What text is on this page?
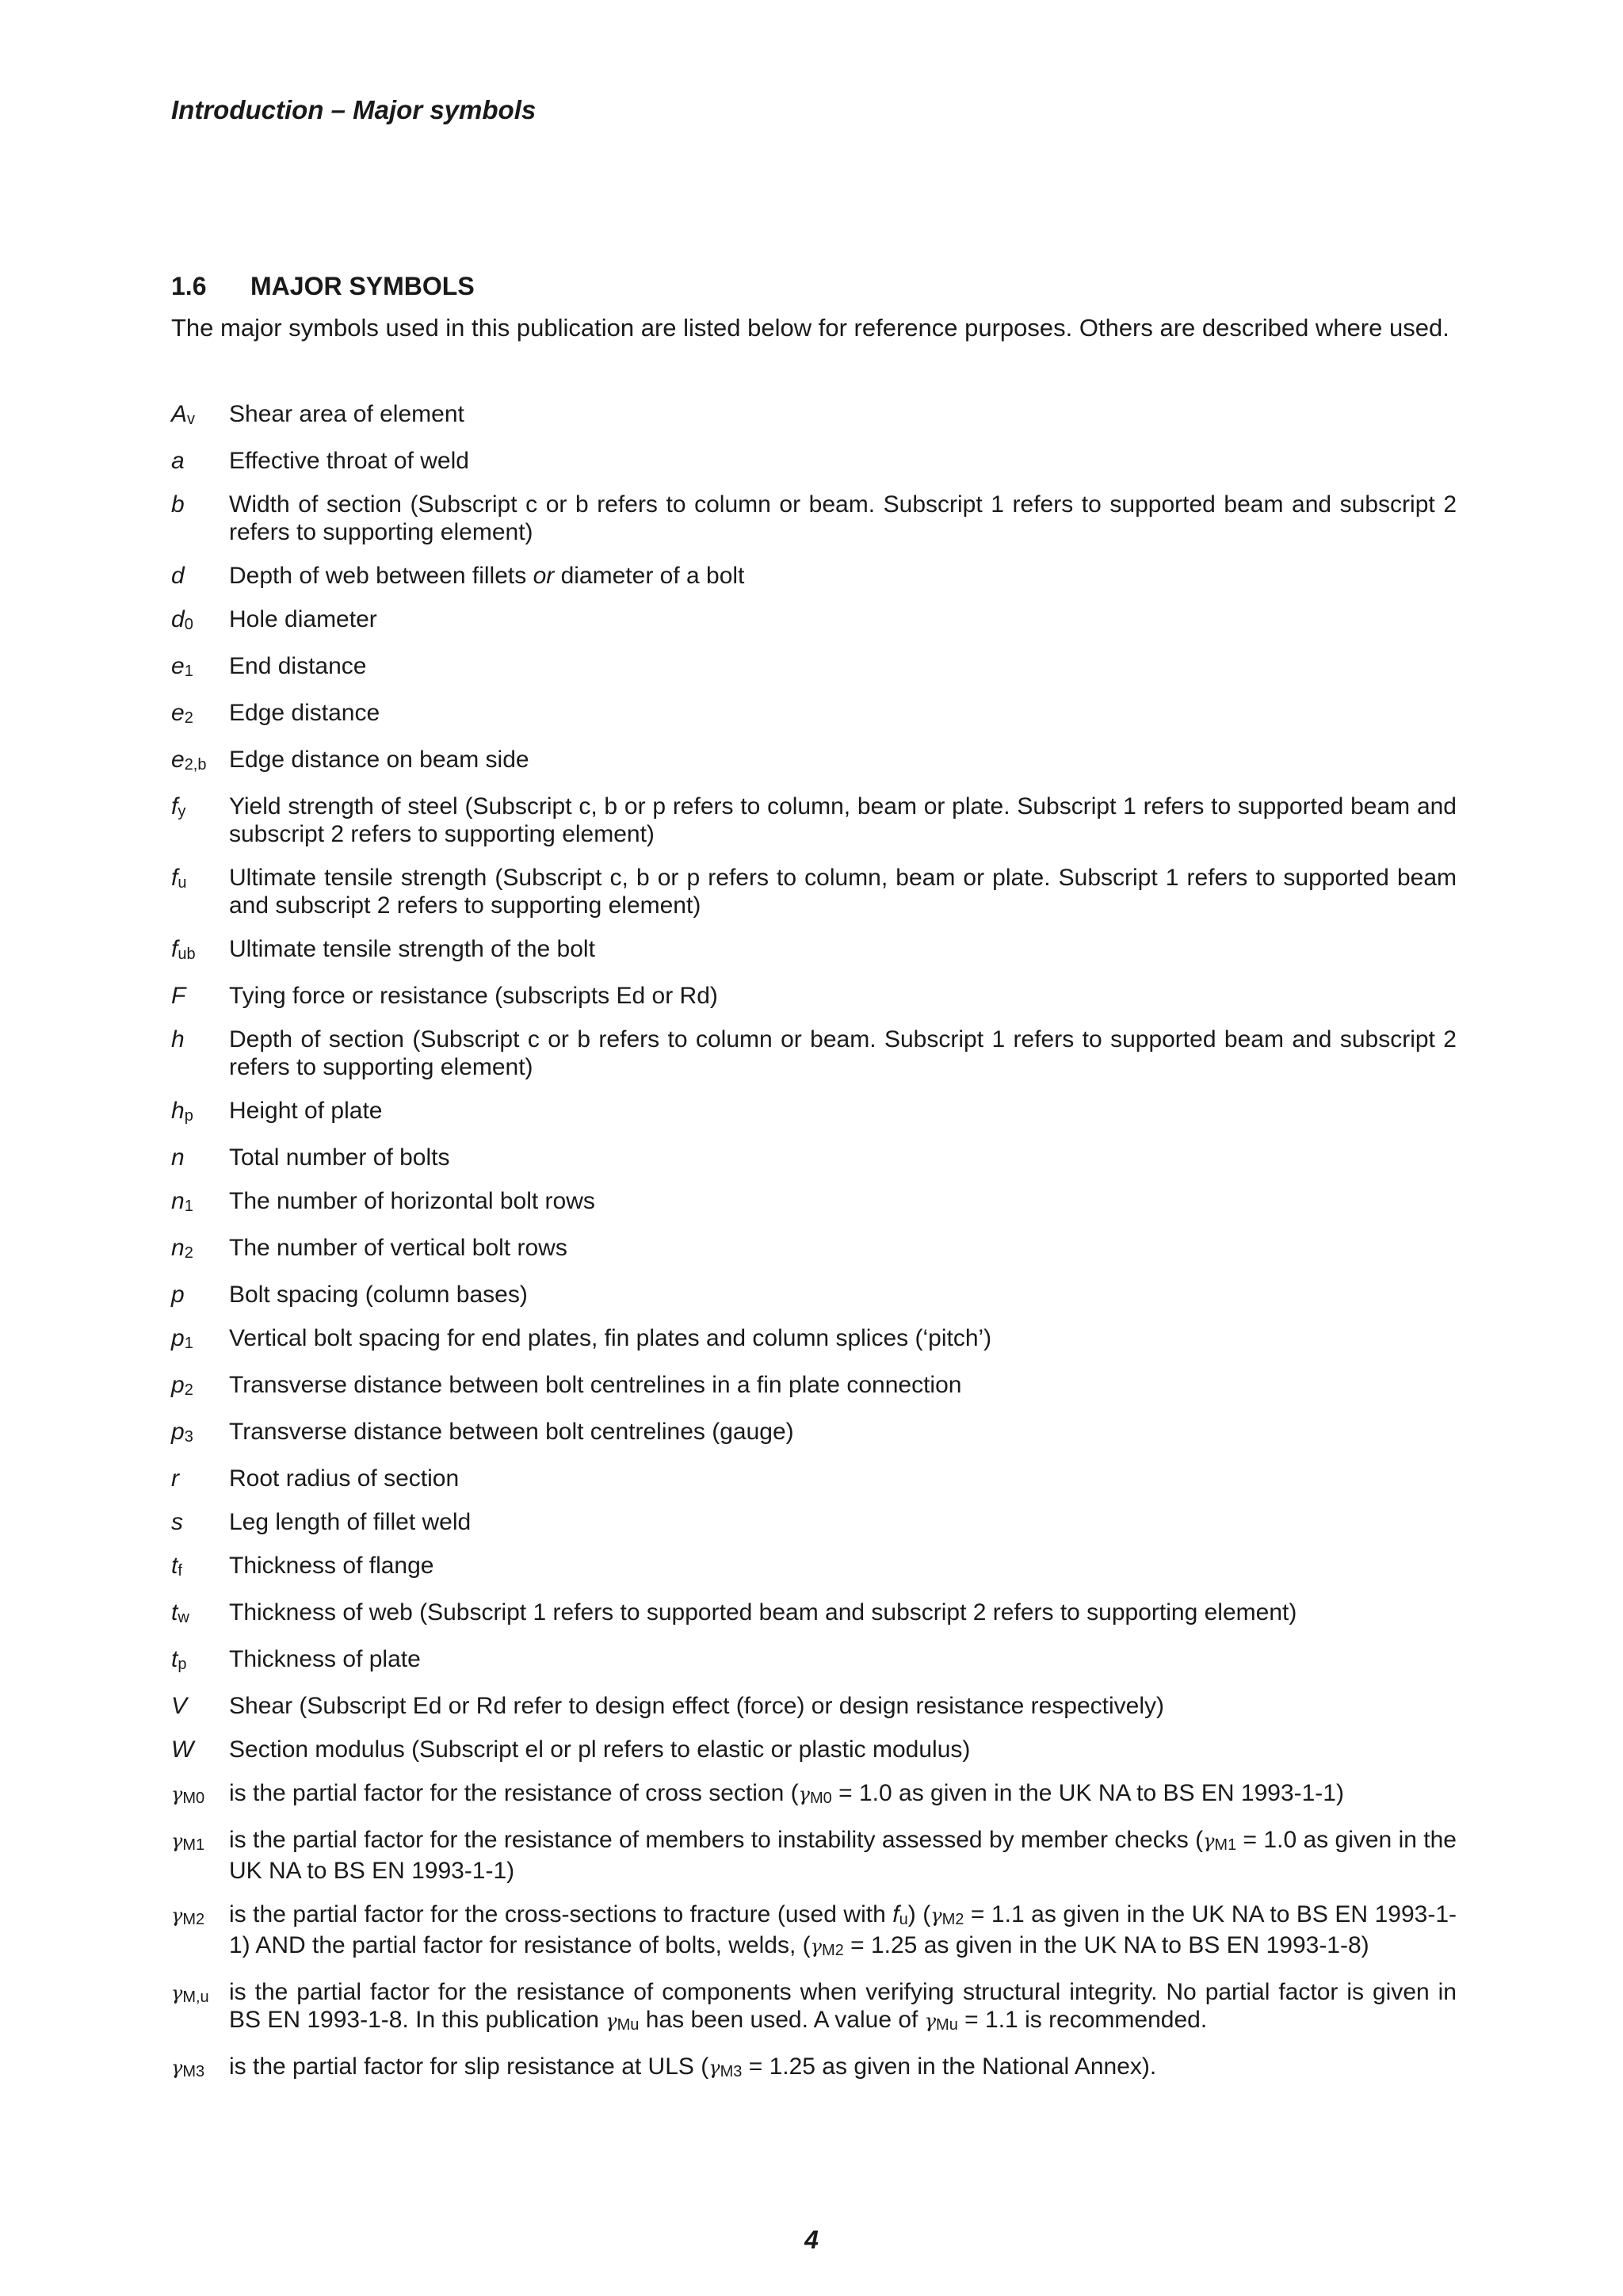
Introduction – Major symbols
1.6	MAJOR SYMBOLS

The major symbols used in this publication are listed below for reference purposes. Others are described where used.

$A_v$	Shear area of element
a	Effective throat of weld
b	Width of section (Subscript c or b refers to column or beam. Subscript 1 refers to supported beam and subscript 2 refers to supporting element)
d	Depth of web between fillets or diameter of a bolt
$d_0$	Hole diameter
$e_1$	End distance
$e_2$	Edge distance
$e_{2,b}$ Edge distance on beam side
$f_y$	Yield strength of steel (Subscript c, b or p refers to column, beam or plate. Subscript 1 refers to supported beam and subscript 2 refers to supporting element)
$f_u$	Ultimate tensile strength (Subscript c, b or p refers to column, beam or plate. Subscript 1 refers to supported beam and subscript 2 refers to supporting element)
$f_{ub}$	Ultimate tensile strength of the bolt
F	Tying force or resistance (subscripts Ed or Rd)
h	Depth of section (Subscript c or b refers to column or beam. Subscript 1 refers to supported beam and subscript 2 refers to supporting element)
$h_p$	Height of plate
n	Total number of bolts
$n_1$	The number of horizontal bolt rows
$n_2$	The number of vertical bolt rows
p	Bolt spacing (column bases)
$p_1$	Vertical bolt spacing for end plates, fin plates and column splices (‘pitch’)
$p_2$	Transverse distance between bolt centrelines in a fin plate connection
$p_3$	Transverse distance between bolt centrelines (gauge)
r	Root radius of section
s	Leg length of fillet weld
$t_f$	Thickness of flange
$t_w$	Thickness of web (Subscript 1 refers to supported beam and subscript 2 refers to supporting element)
$t_p$	Thickness of plate
V	Shear (Subscript Ed or Rd refer to design effect (force) or design resistance respectively)
W	Section modulus (Subscript el or pl refers to elastic or plastic modulus)
$\gamma_{M0}$	is the partial factor for the resistance of cross section ($\gamma_{M0} = 1.0$ as given in the UK NA to BS EN 1993-1-1)
$\gamma_{M1}$	is the partial factor for the resistance of members to instability assessed by member checks ($\gamma_{M1} = 1.0$ as given in the UK NA to BS EN 1993-1-1)
$\gamma_{M2}$	is the partial factor for the cross-sections to fracture (used with $f_u$) ($\gamma_{M2} = 1.1$ as given in the UK NA to BS EN 1993-1-1) AND the partial factor for resistance of bolts, welds, ($\gamma_{M2} = 1.25$ as given in the UK NA to BS EN 1993-1-8)
$\gamma_{M,u}$ is the partial factor for the resistance of components when verifying structural integrity. No partial factor is given in BS EN 1993-1-8. In this publication $\gamma_{Mu}$ has been used. A value of $\gamma_{Mu} = 1.1$ is recommended.
$\gamma_{M3}$	is the partial factor for slip resistance at ULS ($\gamma_{M3} = 1.25$ as given in the National Annex).
4
